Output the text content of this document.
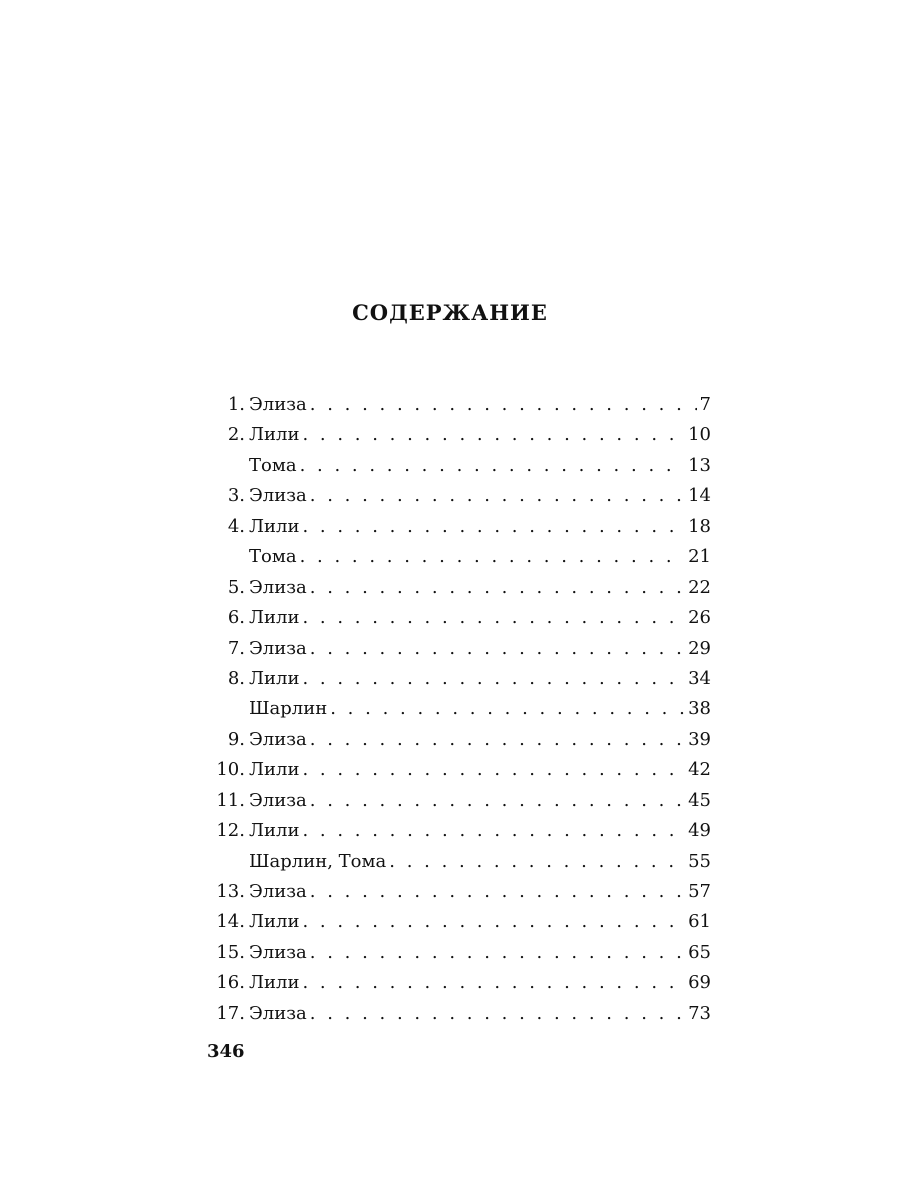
СОДЕРЖАНИЕ
1. Элиза . . .	7
2. Лили . . .	10
Тома . . .	13
3. Элиза . . .	14
4. Лили . . .	18
Тома . . .	21
5. Элиза . . .	22
6. Лили . . .	26
7. Элиза . . .	29
8. Лили . . .	34
Шарлин . . .	38
9. Элиза . . .	39
10. Лили . . .	42
11. Элиза . . .	45
12. Лили . . .	49
Шарлин, Тома . . .	55
13. Элиза . . .	57
14. Лили . . .	61
15. Элиза . . .	65
16. Лили . . .	69
17. Элиза . . .	73
346
